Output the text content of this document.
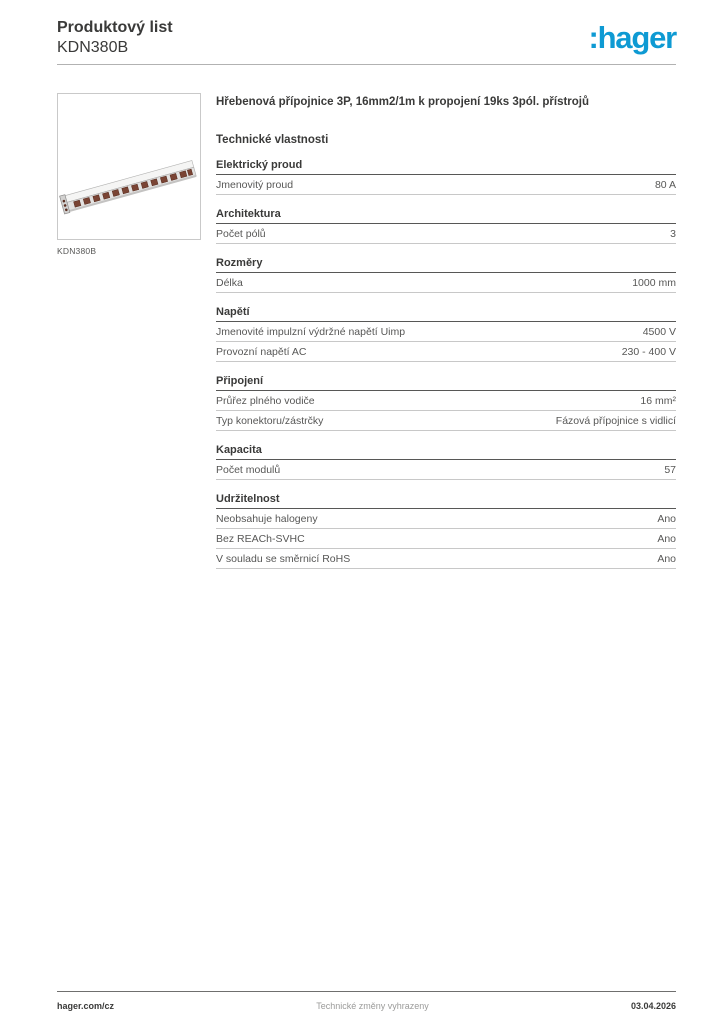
Produktový list
KDN380B	:hager
KDN380B
Hřebenová přípojnice 3P, 16mm2/1m k propojení 19ks 3pól. přístrojů
Technické vlastnosti
Elektrický proud
Jmenovitý proud	80 A
Architektura
Počet pólů	3
Rozměry
Délka	1000 mm
Napětí
Jmenovité impulzní výdržné napětí Uimp	4500 V
Provozní napětí AC	230 - 400 V
Připojení
Průřez plného vodiče	16 mm²
Typ konektoru/zástrčky	Fázová přípojnice s vidlicí
Kapacita
Počet modulů	57
Udržitelnost
Neobsahuje halogeny	Ano
Bez REACh-SVHC	Ano
V souladu se směrnicí RoHS	Ano
hager.com/cz	Technické změny vyhrazeny	03.04.2026
